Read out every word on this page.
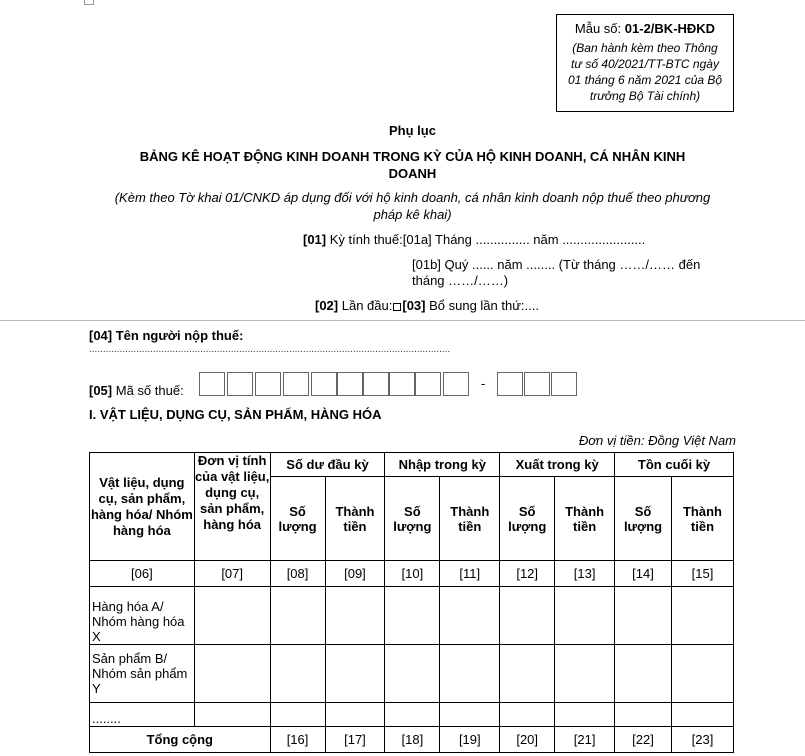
Mẫu số: 01-2/BK-HĐKD
(Ban hành kèm theo Thông
tư số 40/2021/TT-BTC ngày
01 tháng 6 năm 2021 của Bộ
trưởng Bộ Tài chính)
Phụ lục
BẢNG KÊ HOẠT ĐỘNG KINH DOANH TRONG KỲ CỦA HỘ KINH DOANH, CÁ NHÂN KINH
DOANH
(Kèm theo Tờ khai 01/CNKD áp dụng đối với hộ kinh doanh, cá nhân kinh doanh nộp thuế theo phương
pháp kê khai)
[01] Kỳ tính thuế:[01a] Tháng ............... năm .......................
[01b] Quý ...... năm ........ (Từ tháng ……/…… đến
tháng ……/……)
[02] Lần đầu: [03] Bổ sung lần thứ:....
[04] Tên người nộp thuế:
..................................................................................................................................
[05] Mã số thuế:	-
I. VẬT LIỆU, DỤNG CỤ, SẢN PHẨM, HÀNG HÓA
Đơn vị tiền: Đồng Việt Nam
Vật liệu, dụng cụ, sản phẩm, hàng hóa/ Nhóm hàng hóa	Đơn vị tính của vật liệu, dụng cụ, sản phẩm, hàng hóa	Số dư đầu kỳ		Nhập trong kỳ		Xuất trong kỳ		Tồn cuối kỳ	
		Số lượng	Thành tiền	Số lượng	Thành tiền	Số lượng	Thành tiền	Số lượng	Thành tiền
[06]	[07]	[08]	[09]	[10]	[11]	[12]	[13]	[14]	[15]
Hàng hóa A/ Nhóm hàng hóa X									
Sản phẩm B/ Nhóm sản phẩm Y									
........									
Tổng cộng		[16]	[17]	[18]	[19]	[20]	[21]	[22]	[23]
